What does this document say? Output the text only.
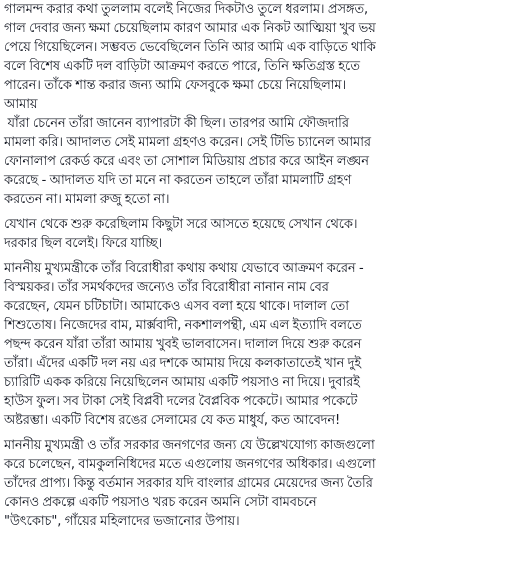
গালমন্দ করার কথা তুললাম বলেই নিজের দিকটাও তুলে ধরলাম। প্রসঙ্গত,
গাল দেবার জন্য ক্ষমা চেয়েছিলাম কারণ আমার এক নিকট আত্মিয়া খুব ভয়
পেয়ে গিয়েছিলেন। সম্ভবত ভেবেছিলেন তিনি আর আমি এক বাড়িতে থাকি
বলে বিশেষ একটি দল বাড়িটা আক্রমণ করতে পারে, তিনি ক্ষতিগ্রস্ত হতে
পারেন। তাঁকে শান্ত করার জন্য আমি ফেসবুকে ক্ষমা চেয়ে নিয়েছিলাম।
আমায়
যাঁরা চেনেন তাঁরা জানেন ব্যাপারটা কী ছিল। তারপর আমি ফৌজদারি
মামলা করি। আদালত সেই মামলা গ্রহণও করেন। সেই টিভি চ্যানেল আমার
ফোনালাপ রেকর্ড করে এবং তা সোশাল মিডিয়ায় প্রচার করে আইন লঙ্ঘন
করেছে - আদালত যদি তা মনে না করতেন তাহলে তাঁরা মামলাটি গ্রহণ
করতেন না। মামলা রুজু হতো না।
যেখান থেকে শুরু করেছিলাম কিছুটা সরে আসতে হয়েছে সেখান থেকে।
দরকার ছিল বলেই। ফিরে যাচ্ছি।
মাননীয় মুখ্যমন্ত্রীকে তাঁর বিরোধীরা কথায় কথায় যেভাবে আক্রমণ করেন -
বিস্ময়কর। তাঁর সমর্থকদের জন্যেও তাঁর বিরোধীরা নানান নাম বের
করেছেন, যেমন চটিচাটা। আমাকেও এসব বলা হয়ে থাকে। দালাল তো
শিশুতোষ। নিজেদের বাম, মার্ক্সবাদী, নকশালপন্থী, এম এল ইত্যাদি বলতে
পছন্দ করেন যাঁরা তাঁরা আমায় খুবই ভালবাসেন। দালাল দিয়ে শুরু করেন
তাঁরা। এঁদের একটি দল নয় এর দশকে আমায় দিয়ে কলকাতাতেই খান দুই
চ্যারিটি একক করিয়ে নিয়েছিলেন আমায় একটি পয়সাও না দিয়ে। দুবারই
হাউস ফুল। সব টাকা সেই বিপ্লবী দলের বৈপ্লবিক পকেটে। আমার পকেটে
অষ্টরম্ভা। একটি বিশেষ রঙের সেলামের যে কত মাধুর্য, কত আবেদন!
মাননীয় মুখ্যমন্ত্রী ও তাঁর সরকার জনগণের জন্য যে উল্লেখযোগ্য কাজগুলো
করে চলেছেন, বামকুলনিধিদের মতে এগুলোয় জনগণের অধিকার। এগুলো
তাঁদের প্রাপ্য। কিন্তু বর্তমান সরকার যদি বাংলার গ্রামের মেয়েদের জন্য তৈরি
কোনও প্রকল্পে একটি পয়সাও খরচ করেন অমনি সেটা বামবচনে
"উৎকোচ", গাঁয়ের মহিলাদের ভজানোর উপায়।
